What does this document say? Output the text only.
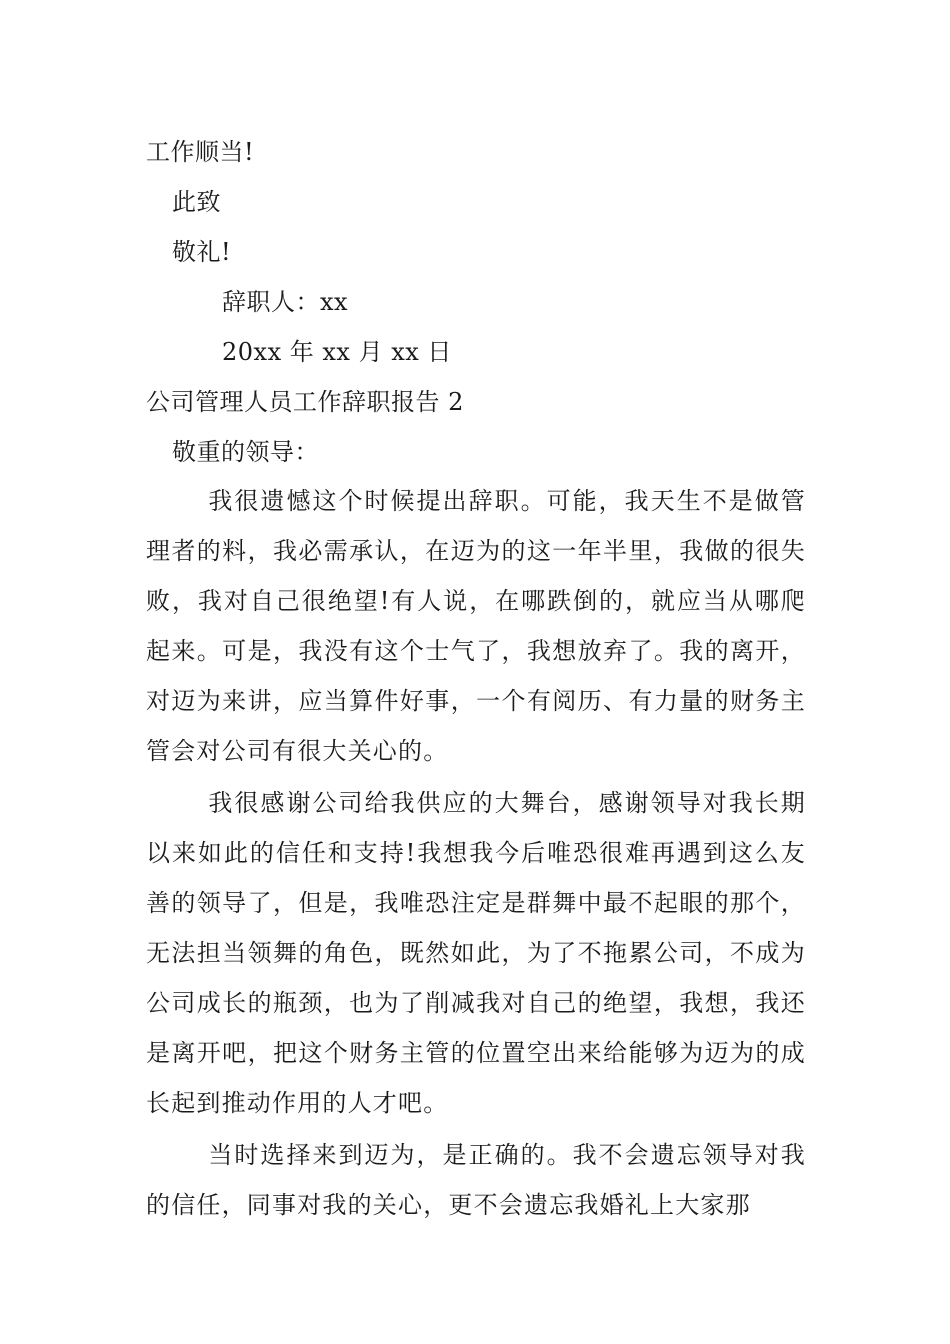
工作顺当!
此致
敬礼!
辞职人：xx
20xx 年 xx 月 xx 日
公司管理人员工作辞职报告 2
敬重的领导：

我很遗憾这个时候提出辞职。可能，我天生不是做管理者的料，我必需承认，在迈为的这一年半里，我做的很失败，我对自己很绝望!有人说，在哪跌倒的，就应当从哪爬起来。可是，我没有这个士气了，我想放弃了。我的离开，对迈为来讲，应当算件好事，一个有阅历、有力量的财务主管会对公司有很大关心的。

我很感谢公司给我供应的大舞台，感谢领导对我长期以来如此的信任和支持!我想我今后唯恐很难再遇到这么友善的领导了，但是，我唯恐注定是群舞中最不起眼的那个，无法担当领舞的角色，既然如此，为了不拖累公司，不成为公司成长的瓶颈，也为了削减我对自己的绝望，我想，我还是离开吧，把这个财务主管的位置空出来给能够为迈为的成长起到推动作用的人才吧。

当时选择来到迈为，是正确的。我不会遗忘领导对我的信任，同事对我的关心，更不会遗忘我婚礼上大家那
